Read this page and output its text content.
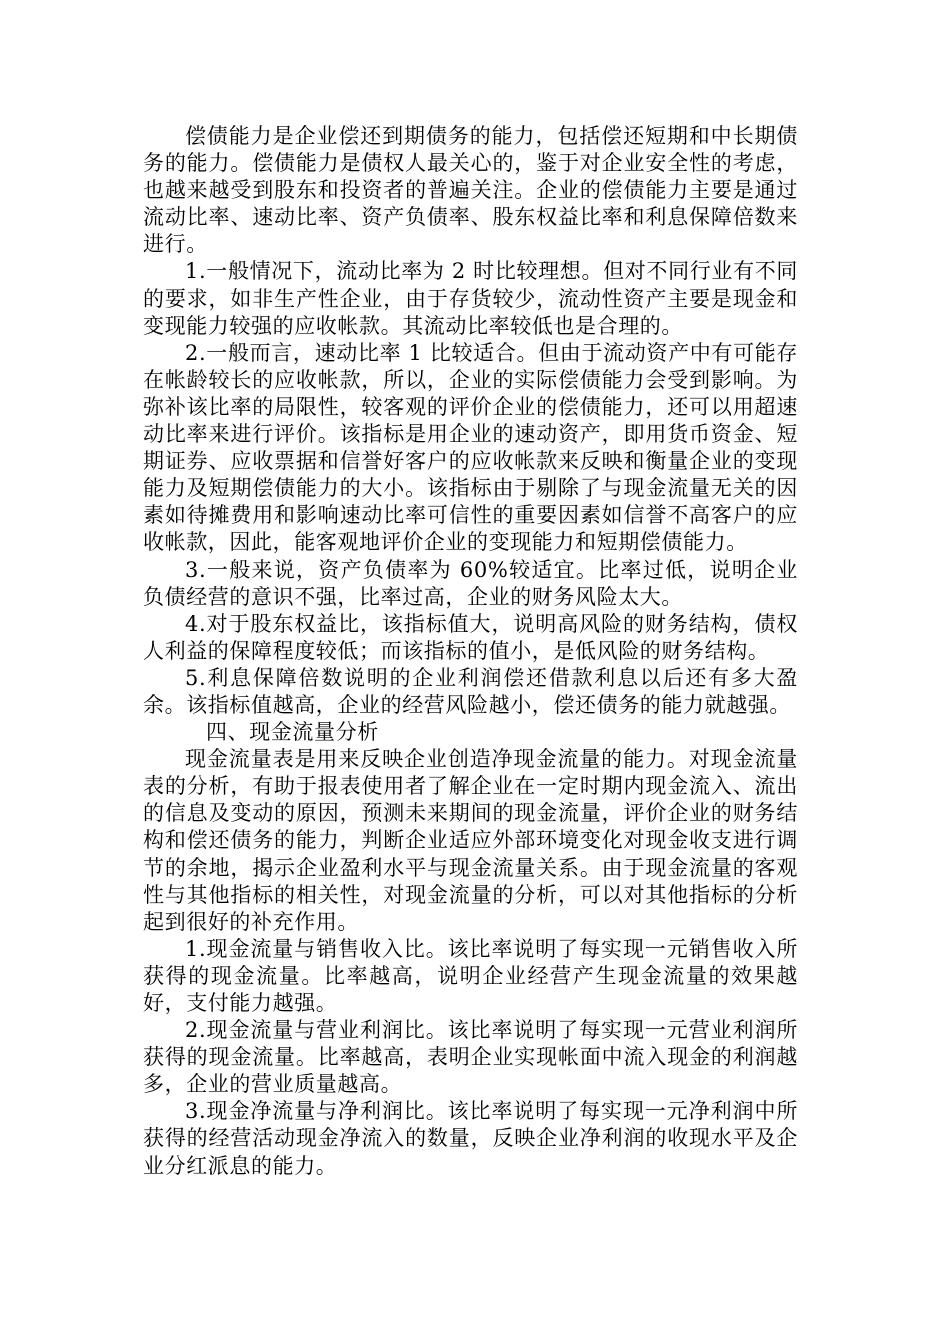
偿债能力是企业偿还到期债务的能力，包括偿还短期和中长期债务的能力。偿债能力是债权人最关心的，鉴于对企业安全性的考虑，也越来越受到股东和投资者的普遍关注。企业的偿债能力主要是通过流动比率、速动比率、资产负债率、股东权益比率和利息保障倍数来进行。

1.一般情况下，流动比率为 2 时比较理想。但对不同行业有不同的要求，如非生产性企业，由于存货较少，流动性资产主要是现金和变现能力较强的应收帐款。其流动比率较低也是合理的。

2.一般而言，速动比率 1 比较适合。但由于流动资产中有可能存在帐龄较长的应收帐款，所以，企业的实际偿债能力会受到影响。为弥补该比率的局限性，较客观的评价企业的偿债能力，还可以用超速动比率来进行评价。该指标是用企业的速动资产，即用货币资金、短期证券、应收票据和信誉好客户的应收帐款来反映和衡量企业的变现能力及短期偿债能力的大小。该指标由于剔除了与现金流量无关的因素如待摊费用和影响速动比率可信性的重要因素如信誉不高客户的应收帐款，因此，能客观地评价企业的变现能力和短期偿债能力。

3.一般来说，资产负债率为 60%较适宜。比率过低，说明企业负债经营的意识不强，比率过高，企业的财务风险太大。

4.对于股东权益比，该指标值大，说明高风险的财务结构，债权人利益的保障程度较低；而该指标的值小，是低风险的财务结构。

5.利息保障倍数说明的企业利润偿还借款利息以后还有多大盈余。该指标值越高，企业的经营风险越小，偿还债务的能力就越强。

四、现金流量分析

现金流量表是用来反映企业创造净现金流量的能力。对现金流量表的分析，有助于报表使用者了解企业在一定时期内现金流入、流出的信息及变动的原因，预测未来期间的现金流量，评价企业的财务结构和偿还债务的能力，判断企业适应外部环境变化对现金收支进行调节的余地，揭示企业盈利水平与现金流量关系。由于现金流量的客观性与其他指标的相关性，对现金流量的分析，可以对其他指标的分析起到很好的补充作用。

1.现金流量与销售收入比。该比率说明了每实现一元销售收入所获得的现金流量。比率越高，说明企业经营产生现金流量的效果越好，支付能力越强。

2.现金流量与营业利润比。该比率说明了每实现一元营业利润所获得的现金流量。比率越高，表明企业实现帐面中流入现金的利润越多，企业的营业质量越高。

3.现金净流量与净利润比。该比率说明了每实现一元净利润中所获得的经营活动现金净流入的数量，反映企业净利润的收现水平及企业分红派息的能力。
